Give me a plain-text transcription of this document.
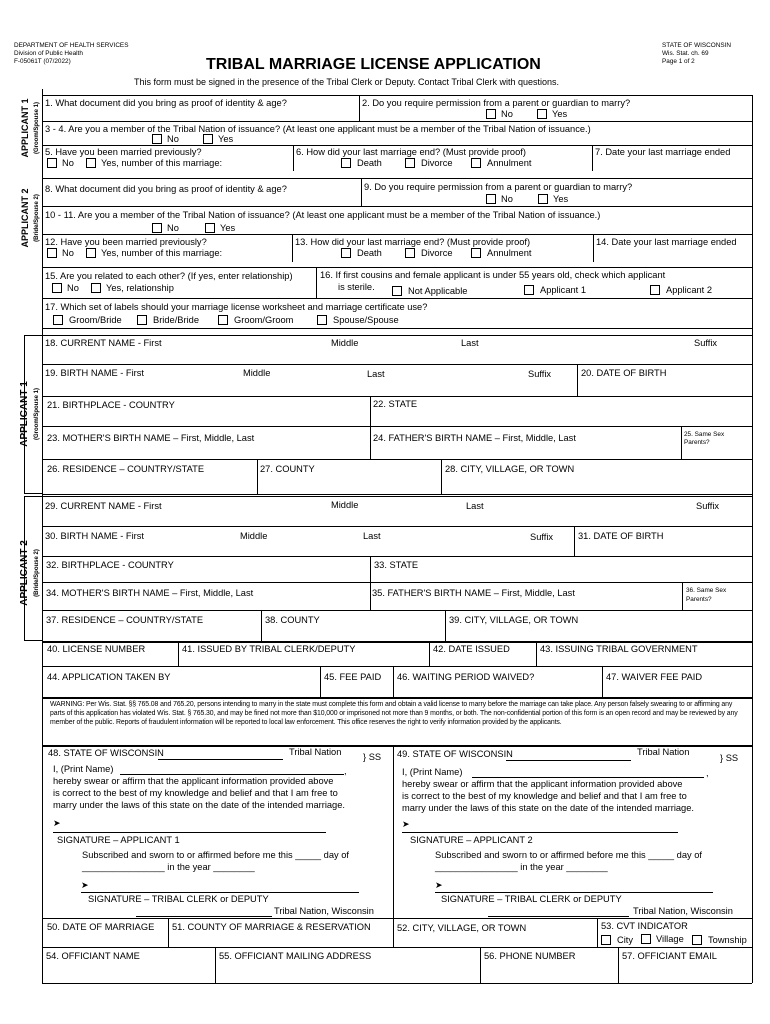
DEPARTMENT OF HEALTH SERVICES
Division of Public Health
F-05061T (07/2022)
STATE OF WISCONSIN
Wis. Stat. ch. 69
Page 1 of 2
TRIBAL MARRIAGE LICENSE APPLICATION
This form must be signed in the presence of the Tribal Clerk or Deputy. Contact Tribal Clerk with questions.
APPLICANT 1 (Groom/Spouse 1)
APPLICANT 2 (Bride/Spouse 2)
APPLICANT 1 (Groom/Spouse 1)
APPLICANT 2 (Bride/Spouse 2)
1. What document did you bring as proof of identity & age?	2. Do you require permission from a parent or guardian to marry?
No	Yes
3 - 4. Are you a member of the Tribal Nation of issuance? (At least one applicant must be a member of the Tribal Nation of issuance.)
No	Yes
5. Have you been married previously?
No	Yes, number of this marriage:
6. How did your last marriage end? (Must provide proof)
Death	Divorce	Annulment
7. Date your last marriage ended
8. What document did you bring as proof of identity & age?	9. Do you require permission from a parent or guardian to marry?
No	Yes
10 - 11. Are you a member of the Tribal Nation of issuance? (At least one applicant must be a member of the Tribal Nation of issuance.)
No	Yes
12. Have you been married previously?
No	Yes, number of this marriage:
13. How did your last marriage end? (Must provide proof)
Death	Divorce	Annulment
14. Date your last marriage ended
15. Are you related to each other? (If yes, enter relationship)
No	Yes, relationship
16. If first cousins and female applicant is under 55 years old, check which applicant
is sterile.	Not Applicable	Applicant 1	Applicant 2
17. Which set of labels should your marriage license worksheet and marriage certificate use?
Groom/Bride	Bride/Bride	Groom/Groom	Spouse/Spouse
18. CURRENT NAME - First	Middle	Last	Suffix
19. BIRTH NAME - First	Middle	Last	Suffix	20. DATE OF BIRTH
21. BIRTHPLACE - COUNTRY	22. STATE
23. MOTHER'S BIRTH NAME – First, Middle, Last	24. FATHER'S BIRTH NAME – First, Middle, Last	25. Same Sex
Parents?
26. RESIDENCE – COUNTRY/STATE	27. COUNTY	28. CITY, VILLAGE, OR TOWN
29. CURRENT NAME - First	Middle	Last	Suffix
30. BIRTH NAME - First	Middle	Last	Suffix	31. DATE OF BIRTH
32. BIRTHPLACE - COUNTRY	33. STATE
34. MOTHER'S BIRTH NAME – First, Middle, Last	35. FATHER'S BIRTH NAME – First, Middle, Last	36. Same Sex
Parents?
37. RESIDENCE – COUNTRY/STATE	38. COUNTY	39. CITY, VILLAGE, OR TOWN
40. LICENSE NUMBER	41. ISSUED BY TRIBAL CLERK/DEPUTY	42. DATE ISSUED	43. ISSUING TRIBAL GOVERNMENT
44. APPLICATION TAKEN BY	45. FEE PAID 46. WAITING PERIOD WAIVED?	47. WAIVER FEE PAID
WARNING: Per Wis. Stat. §§ 765.08 and 765.20, persons intending to marry in the state must complete this form and obtain a valid license to marry before the marriage can take place. Any person falsely swearing to or affirming any parts of this application has violated Wis. Stat. § 765.30, and may be fined not more than $10,000 or imprisoned not more than 9 months, or both. The non-confidential portion of this form is an open record and may be reviewed by any member of the public. Reports of fraudulent information will be reported to local law enforcement. This office reserves the right to verify information provided by the applicants.
48. STATE OF WISCONSIN	Tribal Nation } SS
I, (Print Name)	,
hereby swear or affirm that the applicant information provided above
is correct to the best of my knowledge and belief and that I am free to
marry under the laws of this state on the date of the intended marriage.
➤
SIGNATURE – APPLICANT 1
Subscribed and sworn to or affirmed before me this _____ day of
________________ in the year ________
➤
SIGNATURE – TRIBAL CLERK or DEPUTY
Tribal Nation, Wisconsin
49. STATE OF WISCONSIN	Tribal Nation
} SS
I, (Print Name)	,
hereby swear or affirm that the applicant information provided above
is correct to the best of my knowledge and belief and that I am free to
marry under the laws of this state on the date of the intended marriage.
➤
SIGNATURE – APPLICANT 2
Subscribed and sworn to or affirmed before me this _____ day of
________________ in the year ________
➤
SIGNATURE – TRIBAL CLERK or DEPUTY
Tribal Nation, Wisconsin
50. DATE OF MARRIAGE 51. COUNTY OF MARRIAGE & RESERVATION	52. CITY, VILLAGE, OR TOWN	53. CVT INDICATOR
City Village	Township
54. OFFICIANT NAME	55. OFFICIANT MAILING ADDRESS	56. PHONE NUMBER	57. OFFICIANT EMAIL
